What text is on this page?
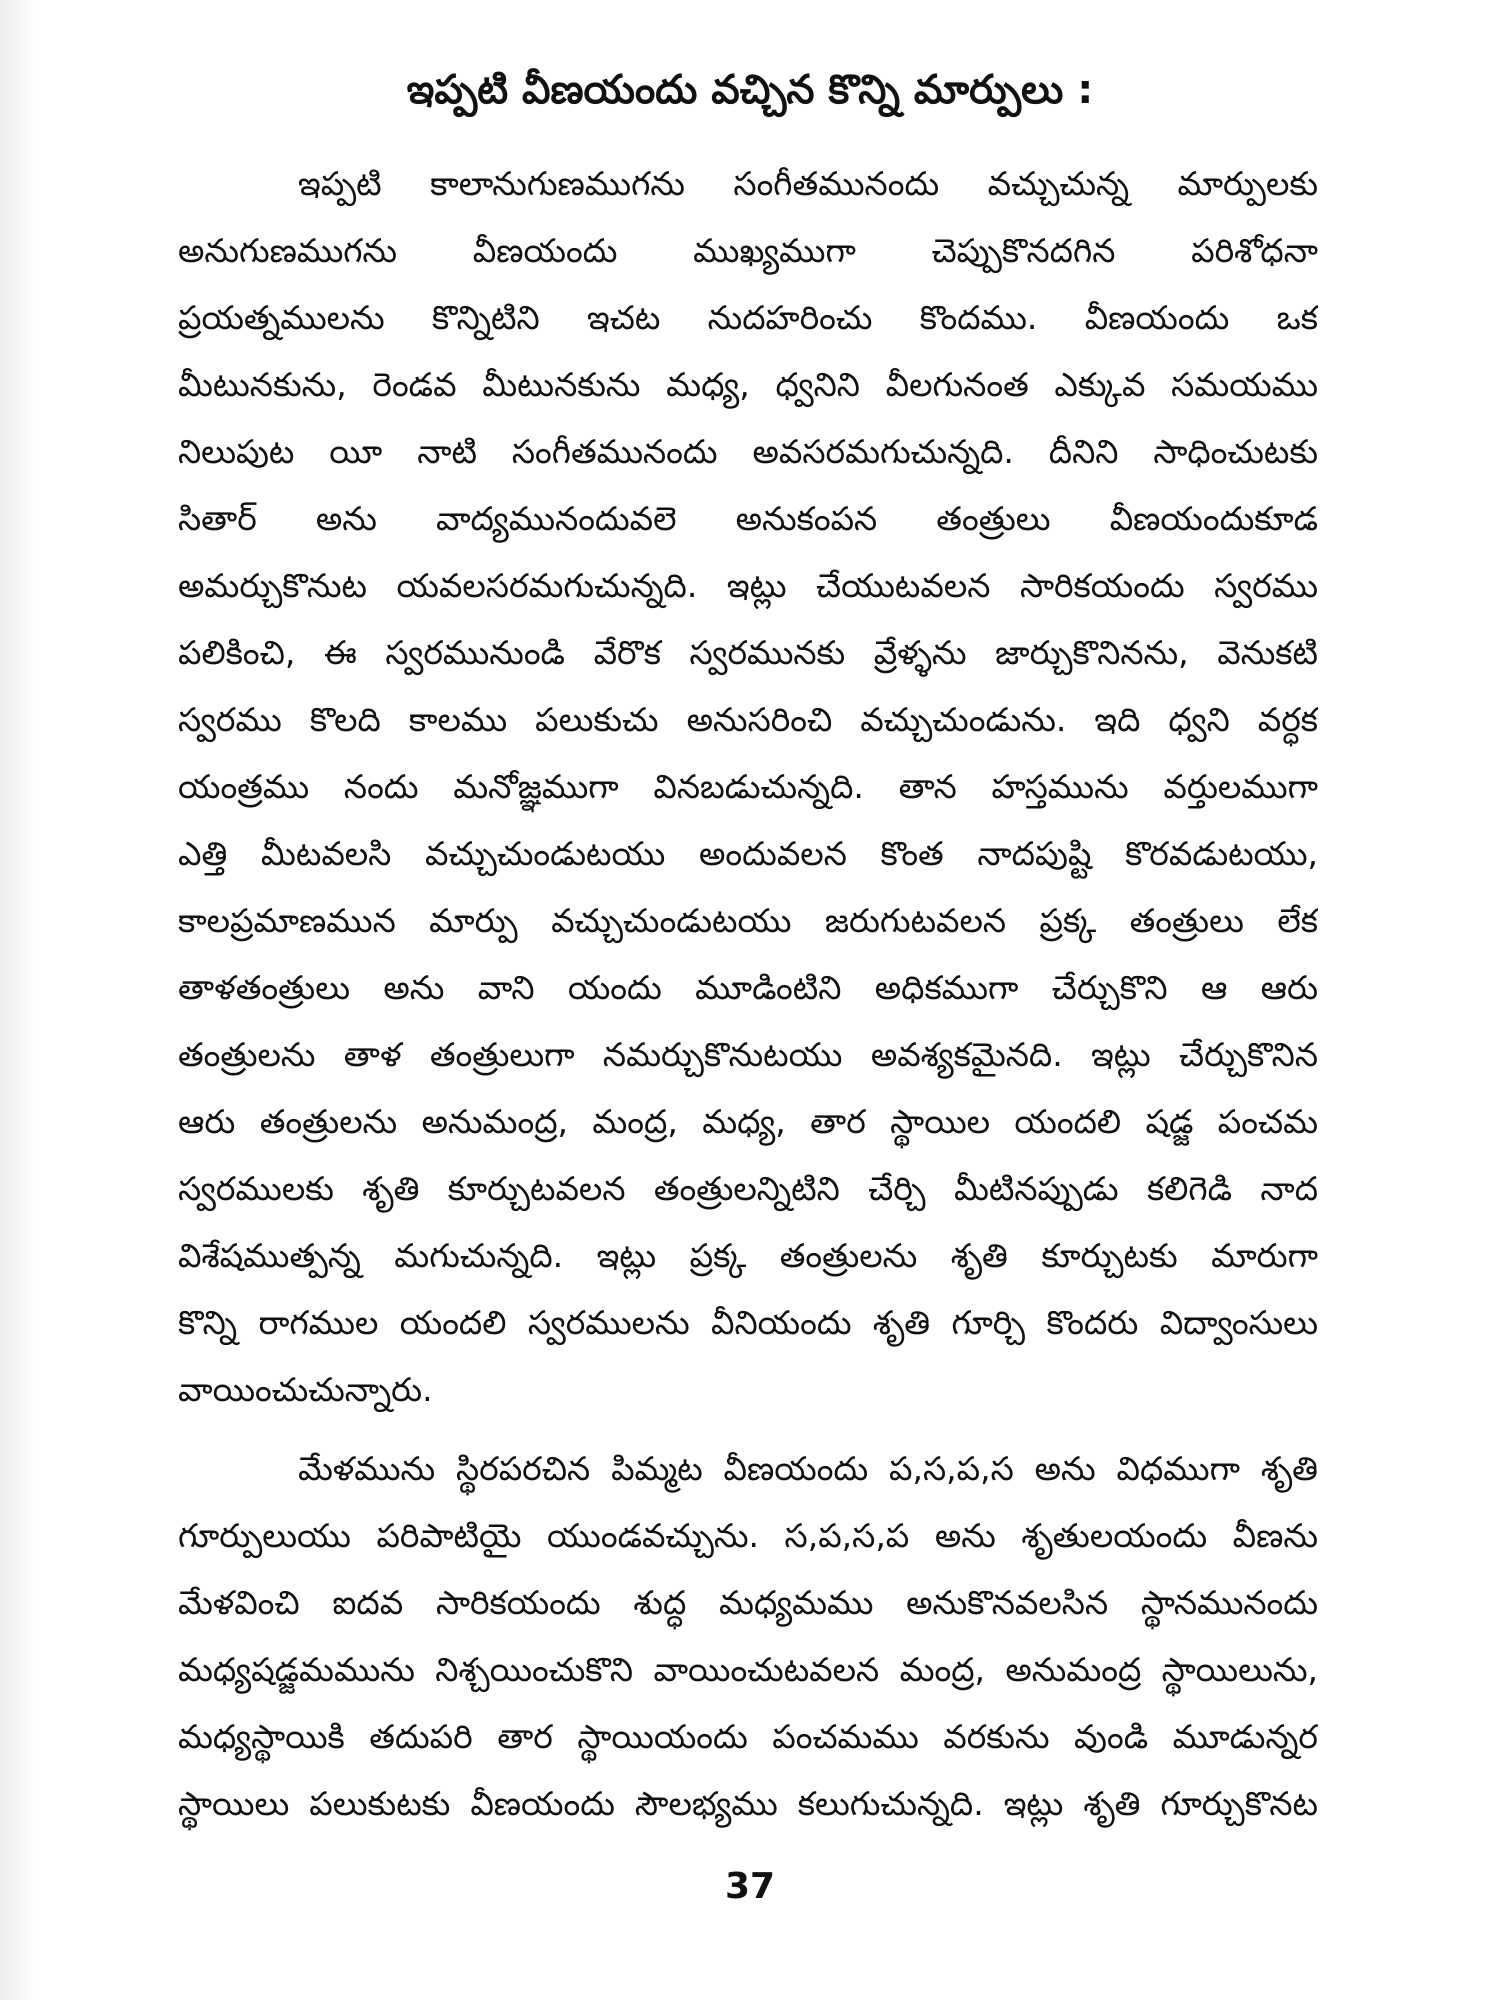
ఇప్పటి వీణయందు వచ్చిన కొన్ని మార్పులు :
ఇప్పటి కాలానుగుణముగను సంగీతమునందు వచ్చుచున్న మార్పులకు
అనుగుణముగను వీణయందు ముఖ్యముగా చెప్పుకొనదగిన పరిశోధనా
ప్రయత్నములను కొన్నిటిని ఇచట నుదహరించు కొందము. వీణయందు ఒక
మీటునకును, రెండవ మీటునకును మధ్య, ధ్వనిని వీలగునంత ఎక్కువ సమయము
నిలుపుట యీ నాటి సంగీతమునందు అవసరమగుచున్నది. దీనిని సాధించుటకు
సితార్ అను వాద్యమునందువలె అనుకంపన తంత్రులు వీణయందుకూడ
అమర్చుకొనుట యవలసరమగుచున్నది. ఇట్లు చేయుటవలన సారికయందు స్వరము
పలికించి, ఈ స్వరమునుండి వేరొక స్వరమునకు వ్రేళ్ళను జార్చుకొనినను, వెనుకటి
స్వరము కొలది కాలము పలుకుచు అనుసరించి వచ్చుచుండును. ఇది ధ్వని వర్ధక
యంత్రము నందు మనోజ్ఞముగా వినబడుచున్నది. తాన హస్తమును వర్తులముగా
ఎత్తి మీటవలసి వచ్చుచుండుటయు అందువలన కొంత నాదపుష్టి కొరవడుటయు,
కాలప్రమాణమున మార్పు వచ్చుచుండుటయు జరుగుటవలన ప్రక్క తంత్రులు లేక
తాళతంత్రులు అను వాని యందు మూడింటిని అధికముగా చేర్చుకొని ఆ ఆరు
తంత్రులను తాళ తంత్రులుగా నమర్చుకొనుటయు అవశ్యకమైనది. ఇట్లు చేర్చుకొనిన
ఆరు తంత్రులను అనుమంద్ర, మంద్ర, మధ్య, తార స్థాయిల యందలి షడ్జ పంచమ
స్వరములకు శృతి కూర్చుటవలన తంత్రులన్నిటిని చేర్చి మీటినప్పుడు కలిగెడి నాద
విశేషముత్పన్న మగుచున్నది. ఇట్లు ప్రక్క తంత్రులను శృతి కూర్చుటకు మారుగా
కొన్ని రాగముల యందలి స్వరములను వీనియందు శృతి గూర్చి కొందరు విద్వాంసులు
వాయించుచున్నారు.
మేళమును స్థిరపరచిన పిమ్మట వీణయందు ప,స,ప,స అను విధముగా శృతి
గూర్పులుయు పరిపాటియై యుండవచ్చును. స,ప,స,ప అను శృతులయందు వీణను
మేళవించి ఐదవ సారికయందు శుద్ధ మధ్యమము అనుకొనవలసిన స్థానమునందు
మధ్యషడ్జమమును నిశ్చయించుకొని వాయించుటవలన మంద్ర, అనుమంద్ర స్థాయిలును,
మధ్యస్థాయికి తదుపరి తార స్థాయియందు పంచమము వరకును వుండి మూడున్నర
స్థాయిలు పలుకుటకు వీణయందు సౌలభ్యము కలుగుచున్నది. ఇట్లు శృతి గూర్చుకొనట
37
